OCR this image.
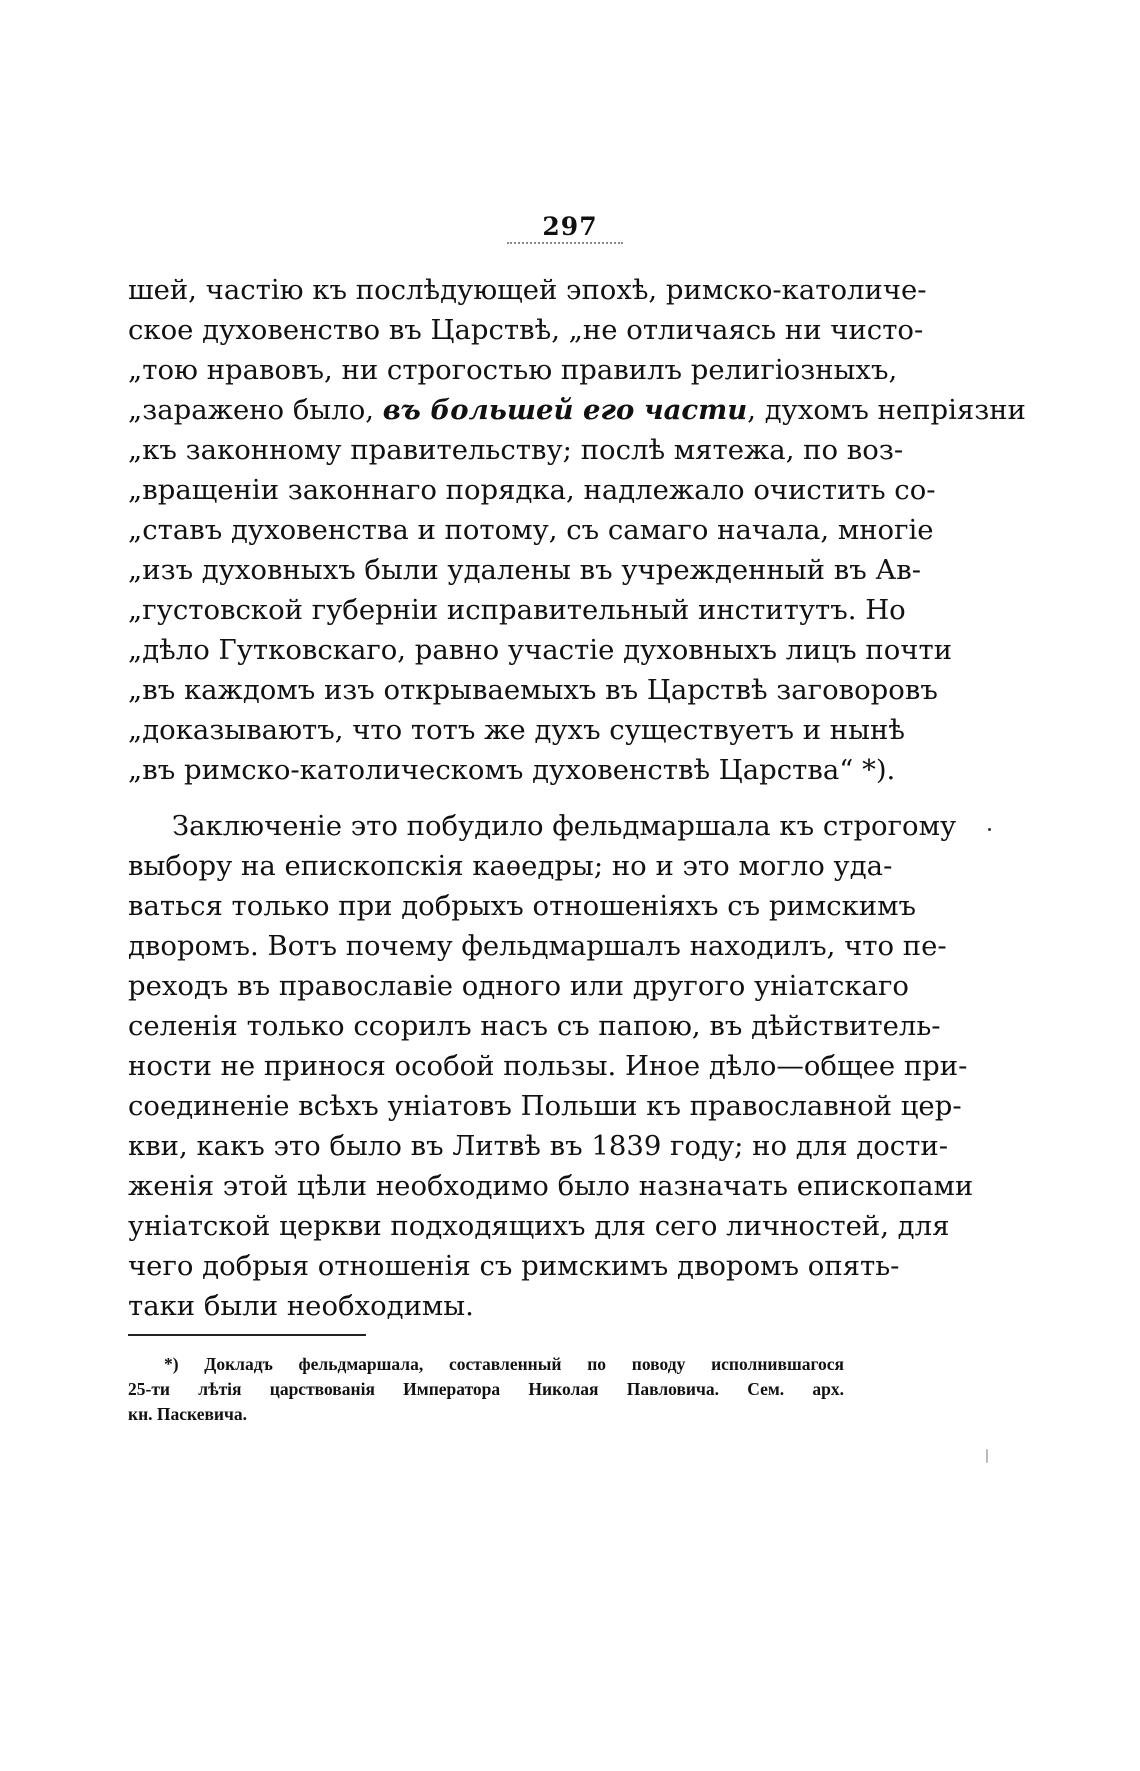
297
шей, частію къ послѣдующей эпохѣ, римско-католиче-
ское духовенство въ Царствѣ, „не отличаясь ни чисто-
„тою нравовъ, ни строгостью правилъ религіозныхъ,
„заражено было, въ большей его части, духомъ непріязни
„къ законному правительству; послѣ мятежа, по воз-
„вращеніи законнаго порядка, надлежало очистить со-
„ставъ духовенства и потому, съ самаго начала, многіе
„изъ духовныхъ были удалены въ учрежденный въ Ав-
„густовской губерніи исправительный институтъ. Но
„дѣло Гутковскаго, равно участіе духовныхъ лицъ почти
„въ каждомъ изъ открываемыхъ въ Царствѣ заговоровъ
„доказываютъ, что тотъ же духъ существуетъ и нынѣ
„въ римско-католическомъ духовенствѣ Царства“ *).
Заключеніе это побудило фельдмаршала къ строгому
выбору на епископскія каѳедры; но и это могло уда-
ваться только при добрыхъ отношеніяхъ съ римскимъ
дворомъ. Вотъ почему фельдмаршалъ находилъ, что пе-
реходъ въ православіе одного или другого уніатскаго
селенія только ссорилъ насъ съ папою, въ дѣйствитель-
ности не принося особой пользы. Иное дѣло—общее при-
соединеніе всѣхъ уніатовъ Польши къ православной цер-
кви, какъ это было въ Литвѣ въ 1839 году; но для дости-
женія этой цѣли необходимо было назначать епископами
уніатской церкви подходящихъ для сего личностей, для
чего добрыя отношенія съ римскимъ дворомъ опять-
таки были необходимы.
*) Докладъ фельдмаршала, составленный по поводу исполнившагося
25-ти лѣтія царствованія Императора Николая Павловича. Сем. арх.
кн. Паскевича.
